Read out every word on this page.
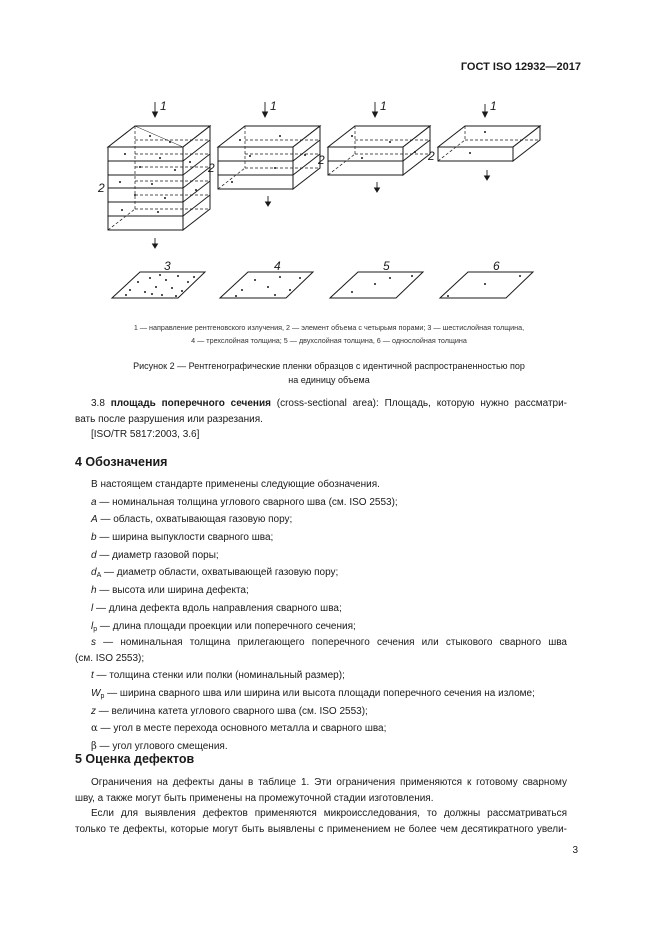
ГОСТ ISO 12932—2017
1	1	1	1
2
2
2	2
3	4	5	6
1 — направление рентгеновского излучения, 2 — элемент объема с четырьмя порами; 3 — шестислойная толщина,
4 — трехслойная толщина; 5 — двухслойная толщина, 6 — однослойная толщина
Рисунок 2 — Рентгенографические пленки образцов с идентичной распространенностью пор
на единицу объема

3.8 площадь поперечного сечения (cross-sectional area): Площадь, которую нужно рассматри-

вать после разрушения или разрезания.

[ISO/TR 5817:2003, 3.6]

4 Обозначения

В настоящем стандарте применены следующие обозначения.

a — номинальная толщина углового сварного шва (см. ISO 2553);

A — область, охватывающая газовую пору;

b — ширина выпуклости сварного шва;

d — диаметр газовой поры;

$d_A$ — диаметр области, охватывающей газовую пору;

h — высота или ширина дефекта;

l — длина дефекта вдоль направления сварного шва;

$l_p$ — длина площади проекции или поперечного сечения;

s — номинальная толщина прилегающего поперечного сечения или стыкового сварного шва
(см. ISO 2553);

t — толщина стенки или полки (номинальный размер);

$W_p$ — ширина сварного шва или ширина или высота площади поперечного сечения на изломе;

z — величина катета углового сварного шва (см. ISO 2553);

α — угол в месте перехода основного металла и сварного шва;

β — угол углового смещения.

5 Оценка дефектов

Ограничения на дефекты даны в таблице 1. Эти ограничения применяются к готовому сварному

шву, а также могут быть применены на промежуточной стадии изготовления.

Если для выявления дефектов применяются микроисследования, то должны рассматриваться

только те дефекты, которые могут быть выявлены с применением не более чем десятикратного увели-

3
